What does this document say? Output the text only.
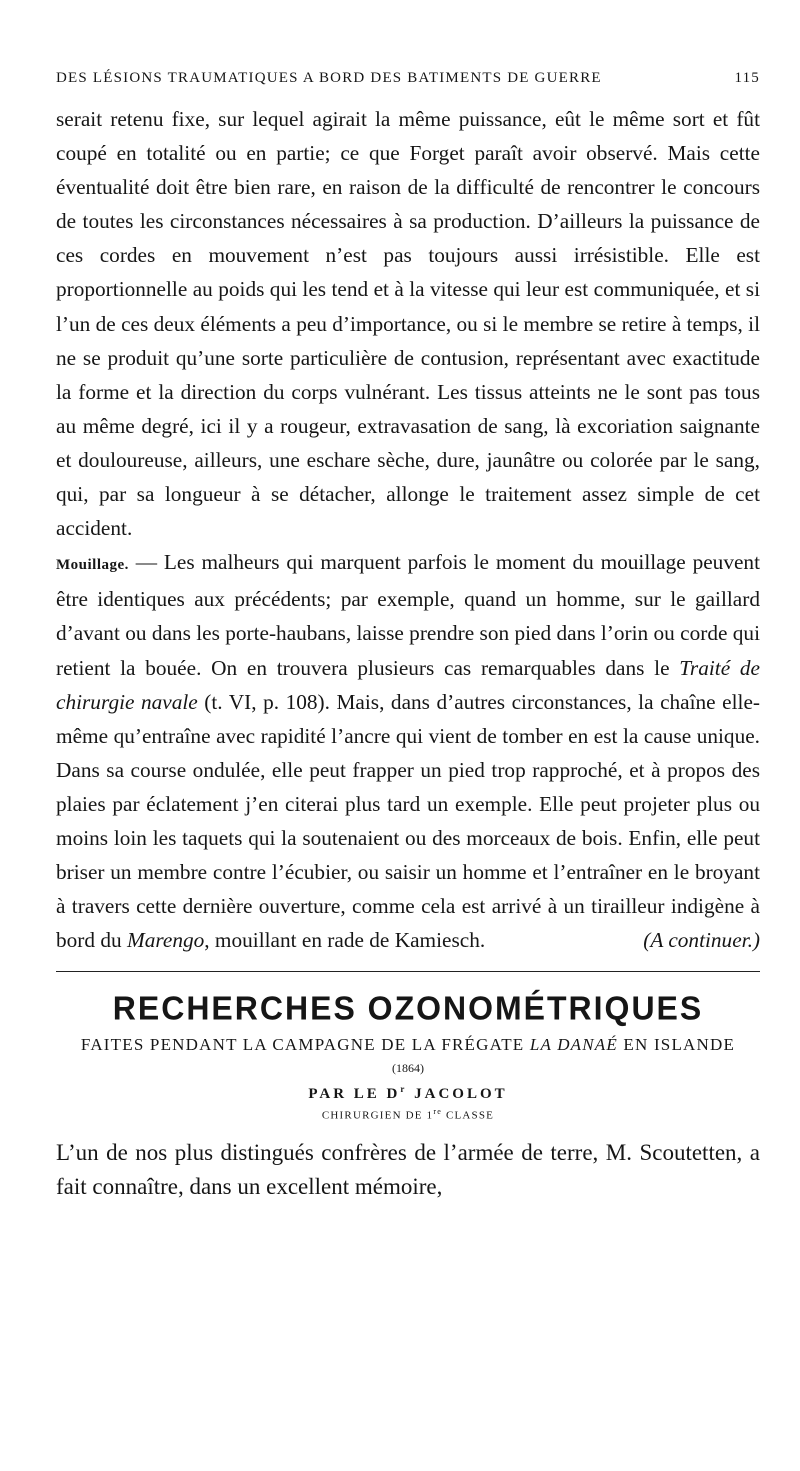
DES LÉSIONS TRAUMATIQUES A BORD DES BATIMENTS DE GUERRE	115

serait retenu fixe, sur lequel agirait la même puissance, eût le même sort et fût coupé en totalité ou en partie; ce que Forget paraît avoir observé. Mais cette éventualité doit être bien rare, en raison de la difficulté de rencontrer le concours de toutes les circonstances nécessaires à sa production. D’ailleurs la puissance de ces cordes en mouvement n’est pas toujours aussi irrésistible. Elle est proportionnelle au poids qui les tend et à la vitesse qui leur est communiquée, et si l’un de ces deux éléments a peu d’importance, ou si le membre se retire à temps, il ne se produit qu’une sorte particulière de contusion, représentant avec exactitude la forme et la direction du corps vulnérant. Les tissus atteints ne le sont pas tous au même degré, ici il y a rougeur, extravasation de sang, là excoriation saignante et douloureuse, ailleurs, une eschare sèche, dure, jaunâtre ou colorée par le sang, qui, par sa longueur à se détacher, allonge le traitement assez simple de cet accident.

Mouillage. — Les malheurs qui marquent parfois le moment du mouillage peuvent être identiques aux précédents; par exemple, quand un homme, sur le gaillard d’avant ou dans les porte-haubans, laisse prendre son pied dans l’orin ou corde qui retient la bouée. On en trouvera plusieurs cas remarquables dans le Traité de chirurgie navale (t. VI, p. 108). Mais, dans d’autres circonstances, la chaîne elle-même qu’entraîne avec rapidité l’ancre qui vient de tomber en est la cause unique. Dans sa course ondulée, elle peut frapper un pied trop rapproché, et à propos des plaies par éclatement j’en citerai plus tard un exemple. Elle peut projeter plus ou moins loin les taquets qui la soutenaient ou des morceaux de bois. Enfin, elle peut briser un membre contre l’écubier, ou saisir un homme et l’entraîner en le broyant à travers cette dernière ouverture, comme cela est arrivé à un tirailleur indigène à bord du Marengo, mouillant en rade de Kamiesch.	(A continuer.)

RECHERCHES OZONOMÉTRIQUES
FAITES PENDANT LA CAMPAGNE DE LA FRÉGATE LA DANAÉ EN ISLANDE
(1864)
PAR LE $D^r$ JACOLOT
CHIRURGIEN DE 1re CLASSE

L’un de nos plus distingués confrères de l’armée de terre, M. Scoutetten, a fait connaître, dans un excellent mémoire,
